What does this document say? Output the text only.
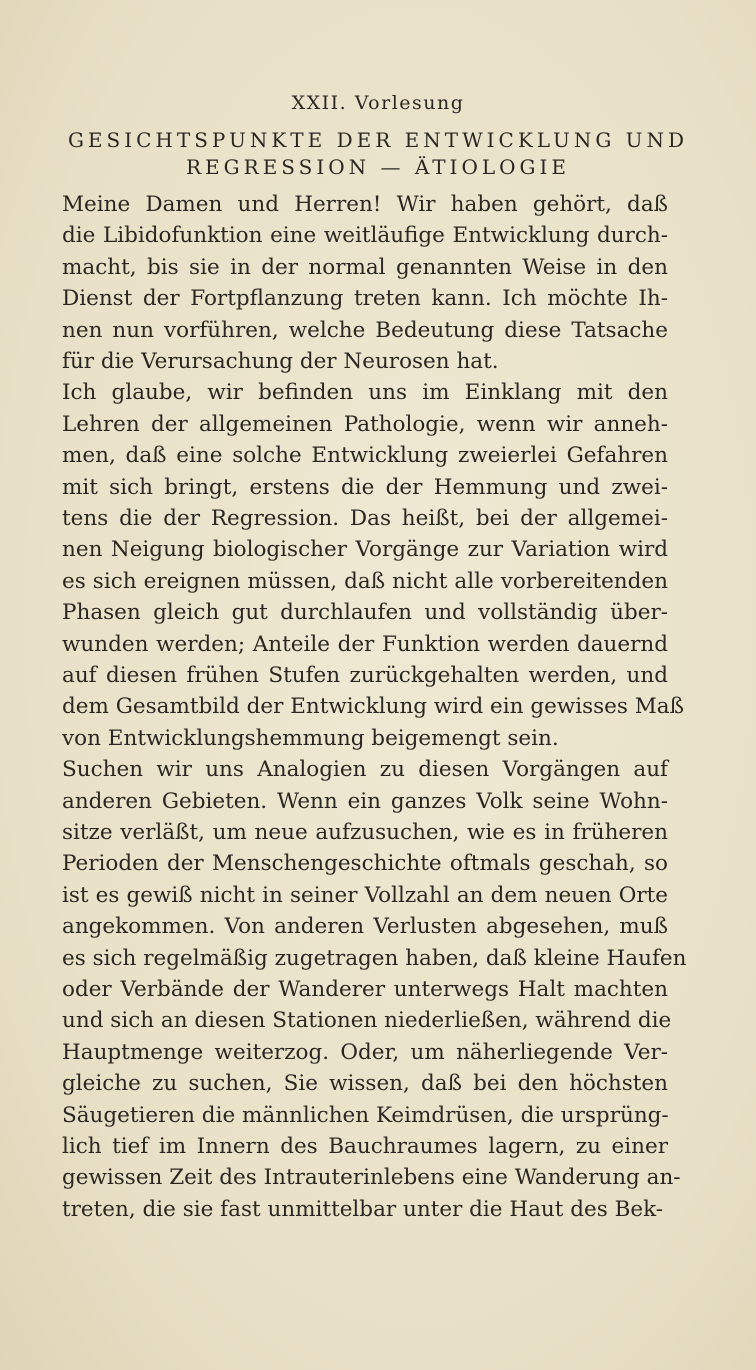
XXII. Vorlesung
GESICHTSPUNKTE DER ENTWICKLUNG UND
REGRESSION — ÄTIOLOGIE
Meine Damen und Herren! Wir haben gehört, daß
die Libidofunktion eine weitläufige Entwicklung durch-
macht, bis sie in der normal genannten Weise in den
Dienst der Fortpflanzung treten kann. Ich möchte Ih-
nen nun vorführen, welche Bedeutung diese Tatsache
für die Verursachung der Neurosen hat.
Ich glaube, wir befinden uns im Einklang mit den
Lehren der allgemeinen Pathologie, wenn wir anneh-
men, daß eine solche Entwicklung zweierlei Gefahren
mit sich bringt, erstens die der Hemmung und zwei-
tens die der Regression. Das heißt, bei der allgemei-
nen Neigung biologischer Vorgänge zur Variation wird
es sich ereignen müssen, daß nicht alle vorbereitenden
Phasen gleich gut durchlaufen und vollständig über-
wunden werden; Anteile der Funktion werden dauernd
auf diesen frühen Stufen zurückgehalten werden, und
dem Gesamtbild der Entwicklung wird ein gewisses Maß
von Entwicklungshemmung beigemengt sein.
Suchen wir uns Analogien zu diesen Vorgängen auf
anderen Gebieten. Wenn ein ganzes Volk seine Wohn-
sitze verläßt, um neue aufzusuchen, wie es in früheren
Perioden der Menschengeschichte oftmals geschah, so
ist es gewiß nicht in seiner Vollzahl an dem neuen Orte
angekommen. Von anderen Verlusten abgesehen, muß
es sich regelmäßig zugetragen haben, daß kleine Haufen
oder Verbände der Wanderer unterwegs Halt machten
und sich an diesen Stationen niederließen, während die
Hauptmenge weiterzog. Oder, um näherliegende Ver-
gleiche zu suchen, Sie wissen, daß bei den höchsten
Säugetieren die männlichen Keimdrüsen, die ursprüng-
lich tief im Innern des Bauchraumes lagern, zu einer
gewissen Zeit des Intrauterinlebens eine Wanderung an-
treten, die sie fast unmittelbar unter die Haut des Bek-
